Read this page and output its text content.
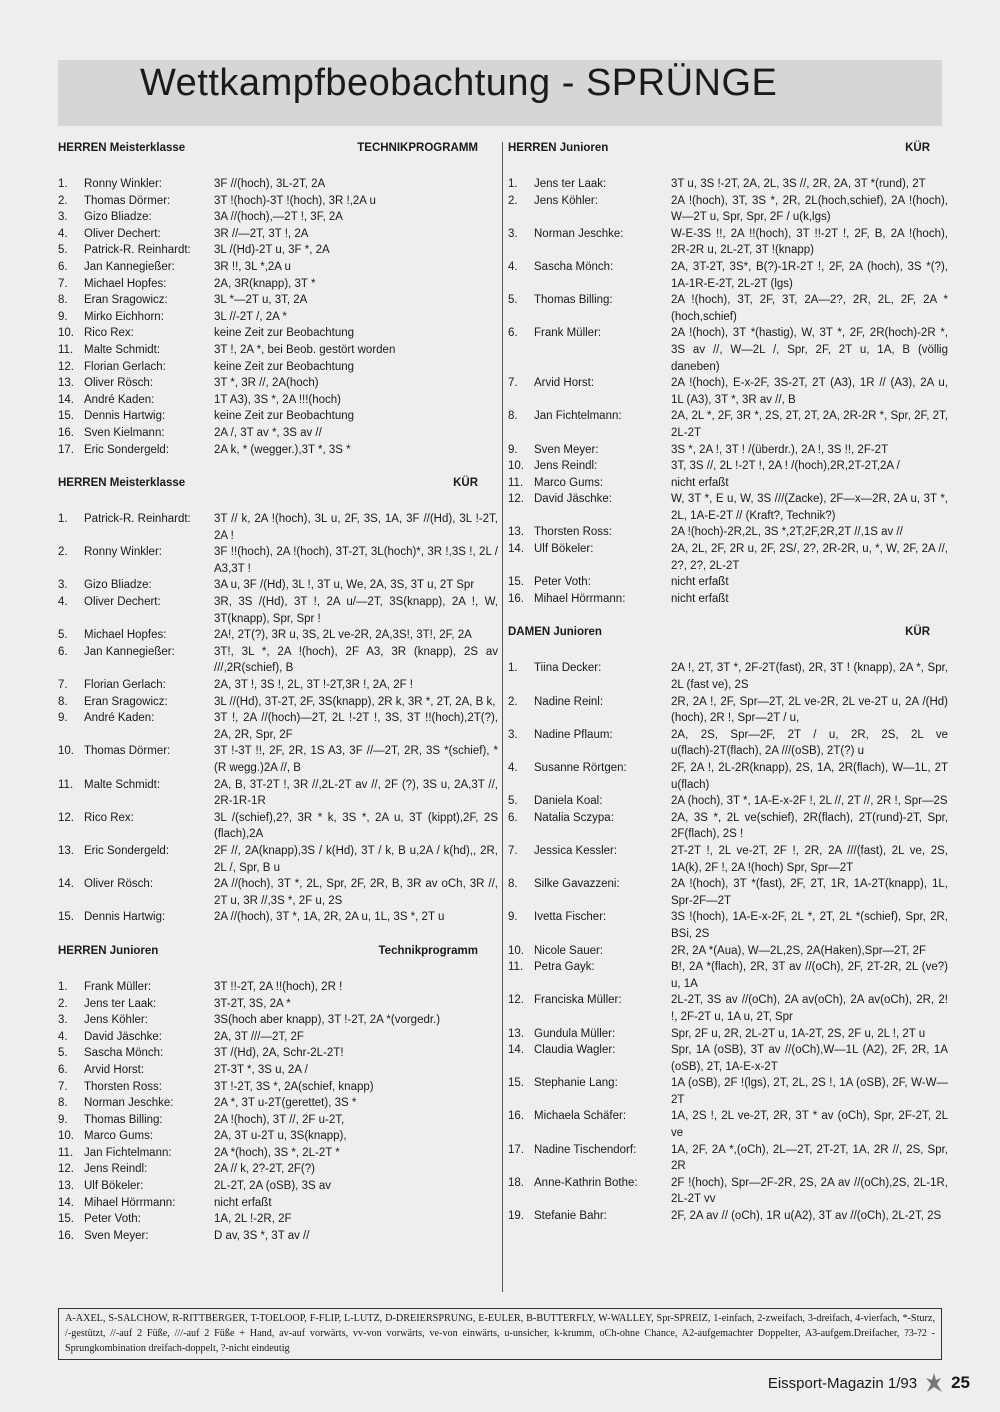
Wettkampfbeobachtung - SPRÜNGE
HERREN Meisterklasse	TECHNIKPROGRAMM
1.	Ronny Winkler:	3F //(hoch), 3L-2T, 2A
2.	Thomas Dörmer:	3T !(hoch)-3T !(hoch), 3R !,2A u
3.	Gizo Bliadze:	3A //(hoch),—2T !, 3F, 2A
4.	Oliver Dechert:	3R //—2T, 3T !, 2A
5.	Patrick-R. Reinhardt:	3L /(Hd)-2T u, 3F *, 2A
6.	Jan Kannegießer:	3R !!, 3L *,2A u
7.	Michael Hopfes:	2A, 3R(knapp), 3T *
8.	Eran Sragowicz:	3L *—2T u, 3T, 2A
9.	Mirko Eichhorn:	3L //-2T /, 2A *
10. Rico Rex:	keine Zeit zur Beobachtung
11. Malte Schmidt:	3T !, 2A *, bei Beob. gestört worden
12. Florian Gerlach:	keine Zeit zur Beobachtung
13. Oliver Rösch:	3T *, 3R //, 2A(hoch)
14. André Kaden:	1T A3), 3S *, 2A !!!(hoch)
15. Dennis Hartwig:	keine Zeit zur Beobachtung
16. Sven Kielmann:	2A /, 3T av *, 3S av //
17. Eric Sondergeld:	2A k, * (wegger.),3T *, 3S *
HERREN Meisterklasse	KÜR
1.	Patrick-R. Reinhardt:	3T // k, 2A !(hoch), 3L u, 2F, 3S, 1A, 3F //(Hd), 3L !-2T, 2A !
2.	Ronny Winkler:	3F !!(hoch), 2A !(hoch), 3T-2T, 3L(hoch)*, 3R !,3S !, 2L / A3,3T !
3.	Gizo Bliadze:	3A u, 3F /(Hd), 3L !, 3T u, We, 2A, 3S, 3T u, 2T Spr
4.	Oliver Dechert:	3R, 3S /(Hd), 3T !, 2A u/—2T, 3S(knapp), 2A !, W, 3T(knapp), Spr, Spr !
5.	Michael Hopfes:	2A!, 2T(?), 3R u, 3S, 2L ve-2R, 2A,3S!, 3T!, 2F, 2A
6.	Jan Kannegießer:	3T!, 3L *, 2A !(hoch), 2F A3, 3R (knapp), 2S av ///,2R(schief), B
7.	Florian Gerlach:	2A, 3T !, 3S !, 2L, 3T !-2T,3R !, 2A, 2F !
8.	Eran Sragowicz:	3L //(Hd), 3T-2T, 2F, 3S(knapp), 2R k, 3R *, 2T, 2A, B k,
9.	André Kaden:	3T !, 2A //(hoch)—2T, 2L !-2T !, 3S, 3T !!(hoch),2T(?), 2A, 2R, Spr, 2F
10. Thomas Dörmer:	3T !-3T !!, 2F, 2R, 1S A3, 3F //—2T, 2R, 3S *(schief), * (R wegg.)2A //, B
11. Malte Schmidt:	2A, B, 3T-2T !, 3R //,2L-2T av //, 2F (?), 3S u, 2A,3T //, 2R-1R-1R
12. Rico Rex:	3L /(schief),2?, 3R * k, 3S *, 2A u, 3T (kippt),2F, 2S (flach),2A
13. Eric Sondergeld:	2F //, 2A(knapp),3S / k(Hd), 3T / k, B u,2A / k(hd),, 2R, 2L /, Spr, B u
14. Oliver Rösch:	2A //(hoch), 3T *, 2L, Spr, 2F, 2R, B, 3R av oCh, 3R //, 2T u, 3R //,3S *, 2F u, 2S
15. Dennis Hartwig:	2A //(hoch), 3T *, 1A, 2R, 2A u, 1L, 3S *, 2T u
HERREN Junioren	Technikprogramm
1.	Frank Müller:	3T !!-2T, 2A !!(hoch), 2R !
2.	Jens ter Laak:	3T-2T, 3S, 2A *
3.	Jens Köhler:	3S(hoch aber knapp), 3T !-2T, 2A *(vorgedr.)
4.	David Jäschke:	2A, 3T ///—2T, 2F
5.	Sascha Mönch:	3T /(Hd), 2A, Schr-2L-2T!
6.	Arvid Horst:	2T-3T *, 3S u, 2A /
7.	Thorsten Ross:	3T !-2T, 3S *, 2A(schief, knapp)
8.	Norman Jeschke:	2A *, 3T u-2T(gerettet), 3S *
9.	Thomas Billing:	2A !(hoch), 3T //, 2F u-2T,
10. Marco Gums:	2A, 3T u-2T u, 3S(knapp),
11. Jan Fichtelmann:	2A *(hoch), 3S *, 2L-2T *
12. Jens Reindl:	2A // k, 2?-2T, 2F(?)
13. Ulf Bökeler:	2L-2T, 2A (oSB), 3S av
14. Mihael Hörrmann:	nicht erfaßt
15. Peter Voth:	1A, 2L !-2R, 2F
16. Sven Meyer:	D av, 3S *, 3T av //
HERREN Junioren	KÜR
1.	Jens ter Laak:	3T u, 3S !-2T, 2A, 2L, 3S //, 2R, 2A, 3T *(rund), 2T
2.	Jens Köhler:	2A !(hoch), 3T, 3S *, 2R, 2L(hoch,schief), 2A !(hoch), W—2T u, Spr, Spr, 2F / u(k,lgs)
3.	Norman Jeschke:	W-E-3S !!, 2A !!(hoch), 3T !!-2T !, 2F, B, 2A !(hoch), 2R-2R u, 2L-2T, 3T !(knapp)
4.	Sascha Mönch:	2A, 3T-2T, 3S*, B(?)-1R-2T !, 2F, 2A (hoch), 3S *(?), 1A-1R-E-2T, 2L-2T (lgs)
5.	Thomas Billing:	2A !(hoch), 3T, 2F, 3T, 2A—2?, 2R, 2L, 2F, 2A *(hoch,schief)
6.	Frank Müller:	2A !(hoch), 3T *(hastig), W, 3T *, 2F, 2R(hoch)-2R *, 3S av //, W—2L /, Spr, 2F, 2T u, 1A, B (völlig daneben)
7.	Arvid Horst:	2A !(hoch), E-x-2F, 3S-2T, 2T (A3), 1R // (A3), 2A u, 1L (A3), 3T *, 3R av //, B
8.	Jan Fichtelmann:	2A, 2L *, 2F, 3R *, 2S, 2T, 2T, 2A, 2R-2R *, Spr, 2F, 2T, 2L-2T
9.	Sven Meyer:	3S *, 2A !, 3T ! /(überdr.), 2A !, 3S !!, 2F-2T
10. Jens Reindl:	3T, 3S //, 2L !-2T !, 2A ! /(hoch),2R,2T-2T,2A /
11. Marco Gums:	nicht erfaßt
12. David Jäschke:	W, 3T *, E u, W, 3S ///(Zacke), 2F—x—2R, 2A u, 3T *, 2L, 1A-E-2T // (Kraft?, Technik?)
13. Thorsten Ross:	2A !(hoch)-2R,2L, 3S *,2T,2F,2R,2T //,1S av //
14. Ulf Bökeler:	2A, 2L, 2F, 2R u, 2F, 2S/, 2?, 2R-2R, u, *, W, 2F, 2A //, 2?, 2?, 2L-2T
15. Peter Voth:	nicht erfaßt
16. Mihael Hörrmann:	nicht erfaßt
DAMEN Junioren	KÜR
1.	Tiina Decker:	2A !, 2T, 3T *, 2F-2T(fast), 2R, 3T ! (knapp), 2A *, Spr, 2L (fast ve), 2S
2.	Nadine Reinl:	2R, 2A !, 2F, Spr—2T, 2L ve-2R, 2L ve-2T u, 2A /(Hd)(hoch), 2R !, Spr—2T / u,
3.	Nadine Pflaum:	2A, 2S, Spr—2F, 2T / u, 2R, 2S, 2L ve u(flach)-2T(flach), 2A ///(oSB), 2T(?) u
4.	Susanne Rörtgen:	2F, 2A !, 2L-2R(knapp), 2S, 1A, 2R(flach), W—1L, 2T u(flach)
5.	Daniela Koal:	2A (hoch), 3T *, 1A-E-x-2F !, 2L //, 2T //, 2R !, Spr—2S
6.	Natalia Sczypa:	2A, 3S *, 2L ve(schief), 2R(flach), 2T(rund)-2T, Spr, 2F(flach), 2S !
7.	Jessica Kessler:	2T-2T !, 2L ve-2T, 2F !, 2R, 2A ///(fast), 2L ve, 2S, 1A(k), 2F !, 2A !(hoch) Spr, Spr—2T
8.	Silke Gavazzeni:	2A !(hoch), 3T *(fast), 2F, 2T, 1R, 1A-2T(knapp), 1L, Spr-2F—2T
9.	Ivetta Fischer:	3S !(hoch), 1A-E-x-2F, 2L *, 2T, 2L *(schief), Spr, 2R, BSi, 2S
10. Nicole Sauer:	2R, 2A *(Aua), W—2L,2S, 2A(Haken),Spr—2T, 2F
11. Petra Gayk:	B!, 2A *(flach), 2R, 3T av //(oCh), 2F, 2T-2R, 2L (ve?) u, 1A
12. Franciska Müller:	2L-2T, 3S av //(oCh), 2A av(oCh), 2A av(oCh), 2R, 2! !, 2F-2T u, 1A u, 2T, Spr
13. Gundula Müller:	Spr, 2F u, 2R, 2L-2T u, 1A-2T, 2S, 2F u, 2L !, 2T u
14. Claudia Wagler:	Spr, 1A (oSB), 3T av //(oCh),W—1L (A2), 2F, 2R, 1A (oSB), 2T, 1A-E-x-2T
15. Stephanie Lang:	1A (oSB), 2F !(lgs), 2T, 2L, 2S !, 1A (oSB), 2F, W-W—2T
16. Michaela Schäfer:	1A, 2S !, 2L ve-2T, 2R, 3T * av (oCh), Spr, 2F-2T, 2L ve
17. Nadine Tischendorf:	1A, 2F, 2A *,(oCh), 2L—2T, 2T-2T, 1A, 2R //, 2S, Spr, 2R
18. Anne-Kathrin Bothe:	2F !(hoch), Spr—2F-2R, 2S, 2A av //(oCh),2S, 2L-1R, 2L-2T vv
19. Stefanie Bahr:	2F, 2A av // (oCh), 1R u(A2), 3T av //(oCh), 2L-2T, 2S
A-AXEL, S-SALCHOW, R-RITTBERGER, T-TOELOOP, F-FLIP, L-LUTZ, D-DREIERSPRUNG, E-EULER, B-BUTTERFLY, W-WALLEY, Spr-SPREIZ, 1-einfach, 2-zweifach, 3-dreifach, 4-vierfach, *-Sturz, /-gestützt, //-auf 2 Füße, ///-auf 2 Füße + Hand, av-auf vorwärts, vv-von vorwärts, ve-von einwärts, u-unsicher, k-krumm, oCh-ohne Chance, A2-aufgemachter Doppelter, A3-aufgem.Dreifacher, ?3-?2 - Sprungkombination dreifach-doppelt, ?-nicht eindeutig
Eissport-Magazin 1/93 25
